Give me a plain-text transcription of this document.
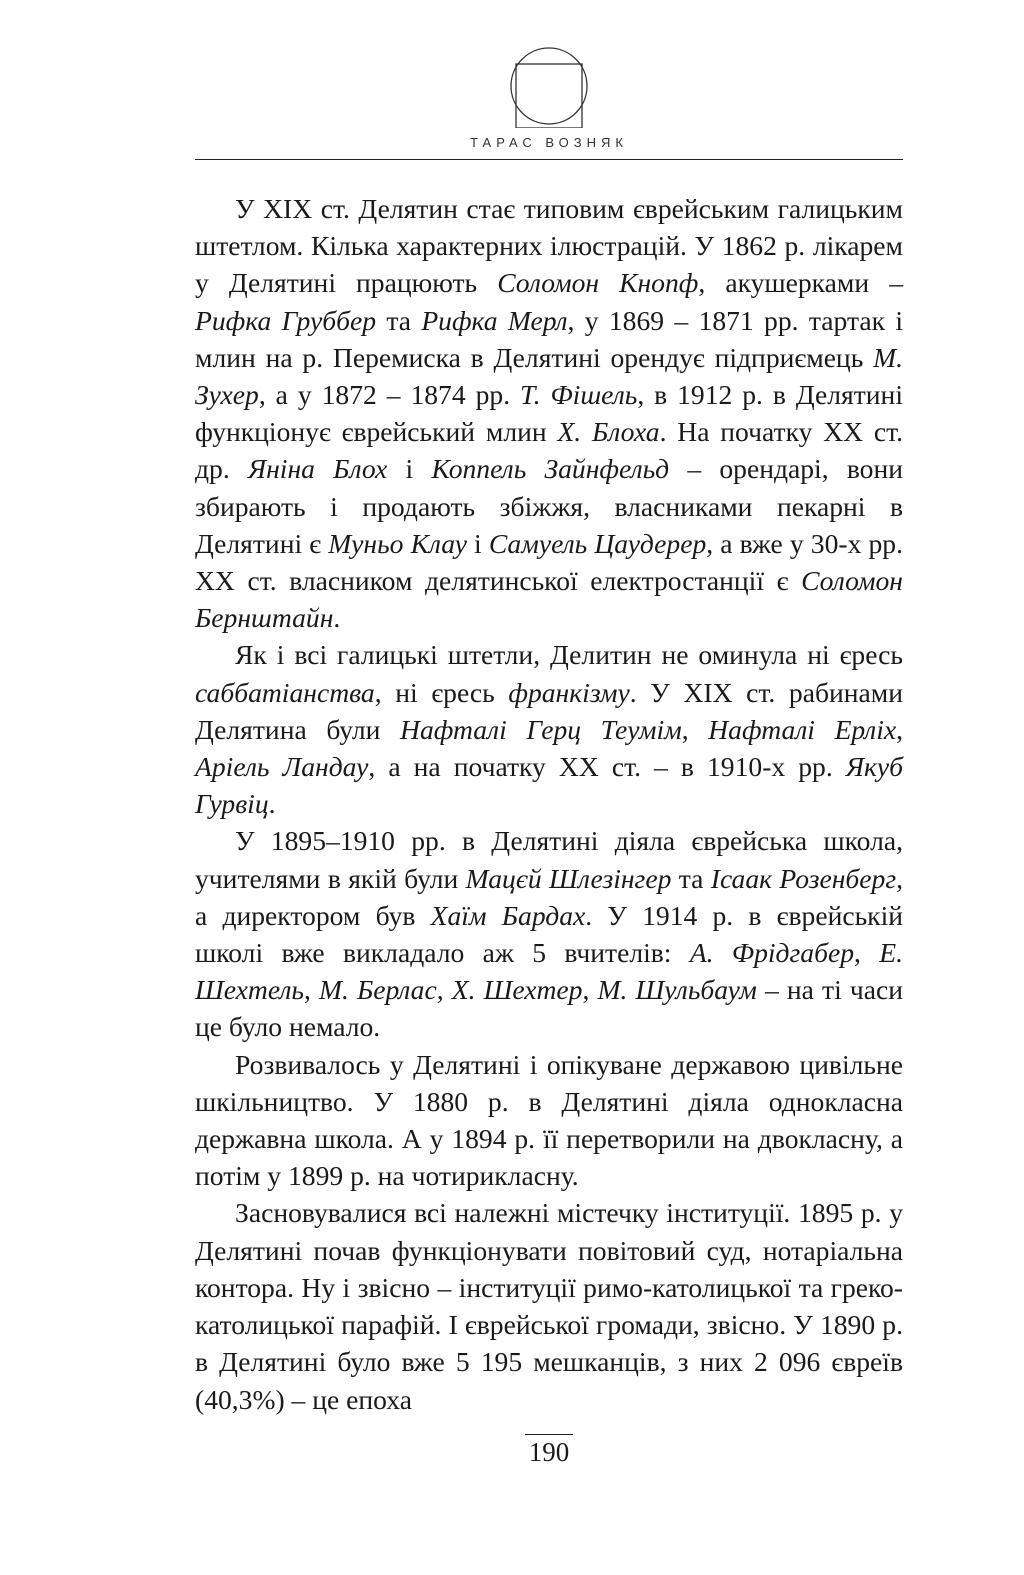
ТАРАС ВОЗНЯК

У XIX ст. Делятин стає типовим єврейським галицьким штетлом. Кілька характерних ілюстрацій. У 1862 р. лікарем у Делятині працюють Соломон Кнопф, акушерками – Рифка Груббер та Рифка Мерл, у 1869 – 1871 рр. тартак і млин на р. Перемиска в Делятині орендує підприємець М. Зухер, а у 1872 – 1874 рр. Т. Фішель, в 1912 р. в Делятині функціонує єврейський млин Х. Блоха. На початку XX ст. др. Яніна Блох і Коппель Зайнфельд – орендарі, вони збирають і продають збіжжя, власниками пекарні в Делятині є Муньо Клау і Самуель Цаудерер, а вже у 30-х рр. XX ст. власником делятинської електростанції є Соломон Бернштайн.

Як і всі галицькі штетли, Делитин не оминула ні єресь саббатіанства, ні єресь франкізму. У XIX ст. рабинами Делятина були Нафталі Герц Теумім, Нафталі Ерліх, Аріель Ландау, а на початку XX ст. – в 1910-х рр. Якуб Гурвіц.

У 1895–1910 рр. в Делятині діяла єврейська школа, учителями в якій були Мацєй Шлезінгер та Ісаак Розенберг, а директором був Хаїм Бардах. У 1914 р. в єврейській школі вже викладало аж 5 вчителів: А. Фрідгабер, Е. Шехтель, М. Берлас, Х. Шехтер, М. Шульбаум – на ті часи це було немало.

Розвивалось у Делятині і опікуване державою цивільне шкільництво. У 1880 р. в Делятині діяла однокласна державна школа. А у 1894 р. її перетворили на двокласну, а потім у 1899 р. на чотирикласну.

Засновувалися всі належні містечку інституції. 1895 р. у Делятині почав функціонувати повітовий суд, нотаріальна контора. Ну і звісно – інституції римо-католицької та греко-католицької парафій. І єврейської громади, звісно. У 1890 р. в Делятині було вже 5 195 мешканців, з них 2 096 євреїв (40,3%) – це епоха

190
